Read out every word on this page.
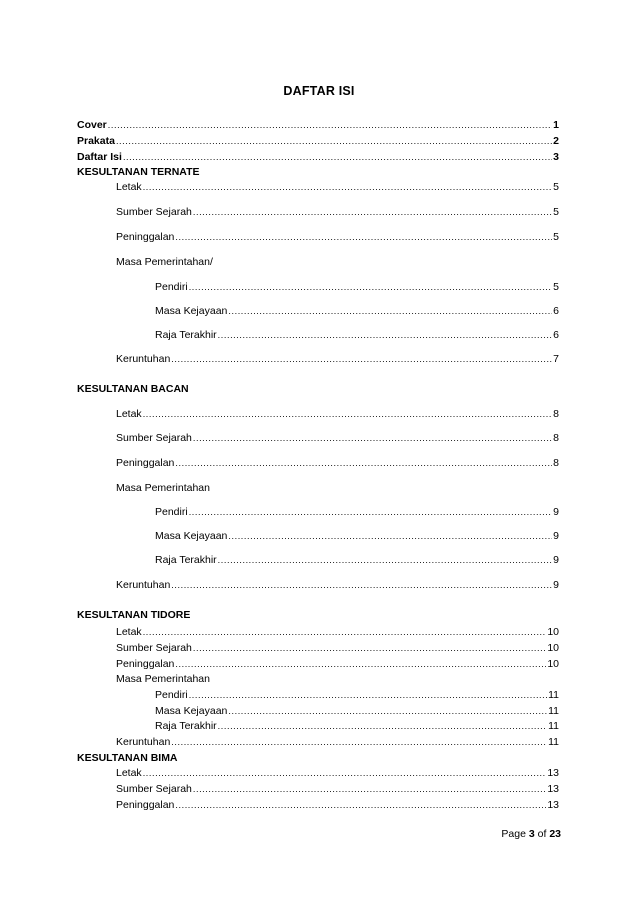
DAFTAR ISI
Cover .....	1
Prakata .....	2
Daftar Isi .....	3
KESULTANAN TERNATE
Letak .....	5
Sumber Sejarah .....	5
Peninggalan .....	5
Masa Pemerintahan/
Pendiri .....	5
Masa Kejayaan .....	6
Raja Terakhir .....	6
Keruntuhan .....	7
KESULTANAN BACAN
Letak .....	8
Sumber Sejarah .....	8
Peninggalan .....	8
Masa Pemerintahan
Pendiri .....	9
Masa Kejayaan .....	9
Raja Terakhir .....	9
Keruntuhan .....	9
KESULTANAN TIDORE
Letak .....	10
Sumber Sejarah .....	10
Peninggalan .....	10
Masa Pemerintahan
Pendiri .....	11
Masa Kejayaan .....	11
Raja Terakhir .....	11
Keruntuhan .....	11
KESULTANAN BIMA
Letak .....	13
Sumber Sejarah .....	13
Peninggalan .....	13
Page 3 of 23
